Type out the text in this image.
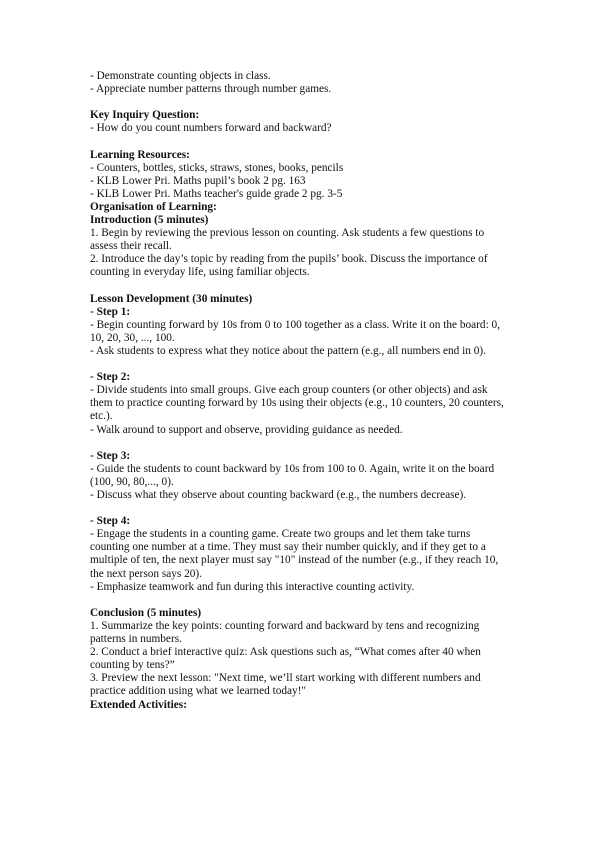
- Demonstrate counting objects in class.
- Appreciate number patterns through number games.
Key Inquiry Question:
- How do you count numbers forward and backward?
Learning Resources:
- Counters, bottles, sticks, straws, stones, books, pencils
- KLB Lower Pri. Maths pupil’s book 2 pg. 163
- KLB Lower Pri. Maths teacher's guide grade 2 pg. 3-5
Organisation of Learning:
Introduction (5 minutes)
1. Begin by reviewing the previous lesson on counting. Ask students a few questions to assess their recall.
2. Introduce the day’s topic by reading from the pupils’ book. Discuss the importance of counting in everyday life, using familiar objects.
Lesson Development (30 minutes)
- Step 1:
- Begin counting forward by 10s from 0 to 100 together as a class. Write it on the board: 0, 10, 20, 30, ..., 100.
- Ask students to express what they notice about the pattern (e.g., all numbers end in 0).
- Step 2:
- Divide students into small groups. Give each group counters (or other objects) and ask them to practice counting forward by 10s using their objects (e.g., 10 counters, 20 counters, etc.).
- Walk around to support and observe, providing guidance as needed.
- Step 3:
- Guide the students to count backward by 10s from 100 to 0. Again, write it on the board (100, 90, 80,..., 0).
- Discuss what they observe about counting backward (e.g., the numbers decrease).
- Step 4:
- Engage the students in a counting game. Create two groups and let them take turns counting one number at a time. They must say their number quickly, and if they get to a multiple of ten, the next player must say "10" instead of the number (e.g., if they reach 10, the next person says 20).
- Emphasize teamwork and fun during this interactive counting activity.
Conclusion (5 minutes)
1. Summarize the key points: counting forward and backward by tens and recognizing patterns in numbers.
2. Conduct a brief interactive quiz: Ask questions such as, “What comes after 40 when counting by tens?”
3. Preview the next lesson: "Next time, we’ll start working with different numbers and practice addition using what we learned today!"
Extended Activities:
